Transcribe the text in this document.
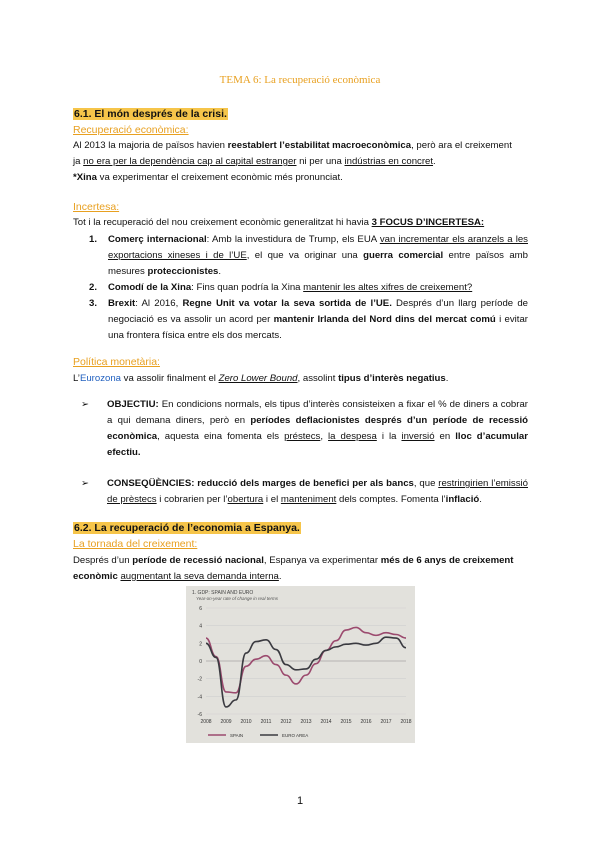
TEMA 6: La recuperació econòmica
6.1. El món després de la crisi.
Recuperació econòmica:
Al 2013 la majoria de països havien reestablert l’estabilitat macroeconòmica, però ara el creixement
ja no era per la dependència cap al capital estranger ni per una indústrias en concret.
*Xina va experimentar el creixement econòmic més pronunciat.
Incertesa:
Tot i la recuperació del nou creixement econòmic generalitzat hi havia 3 FOCUS D’INCERTESA:
1. Comerç internacional: Amb la investidura de Trump, els EUA van incrementar els aranzels a les exportacions xineses i de l’UE, el que va originar una guerra comercial entre països amb mesures proteccionistes.
2. Comodí de la Xina: Fins quan podría la Xina mantenir les altes xifres de creixement?
3. Brexit: Al 2016, Regne Unit va votar la seva sortida de l’UE. Després d’un llarg període de negociació es va assolir un acord per mantenir Irlanda del Nord dins del mercat comú i evitar una frontera física entre els dos mercats.
Política monetària:
L’Eurozona va assolir finalment el Zero Lower Bound, assolint tipus d’interès negatius.
➢ OBJECTIU: En condicions normals, els tipus d’interès consisteixen a fixar el % de diners a cobrar a qui demana diners, però en períodes deflacionistes després d’un període de recessió econòmica, aquesta eina fomenta els préstecs, la despesa i la inversió en lloc d’acumular efectiu.
➢ CONSEQÜÈNCIES: reducció dels marges de benefici per als bancs, que restringirien l’emissió de prèstecs i cobrarien per l’obertura i el manteniment dels comptes. Fomenta l’inflació.
6.2. La recuperació de l’economia a Espanya.
La tornada del creixement:
Després d’un període de recessió nacional, Espanya va experimentar més de 6 anys de creixement econòmic augmentant la seva demanda interna.
1. GDP: SPAIN AND EURO
Year-on-year rate of change in real terms
6
4
2
0
-2
-4
-6
2008 2009 2010 2011 2012 2013 2014 2015 2016 2017 2018
SPAIN	EURO AREA
1
